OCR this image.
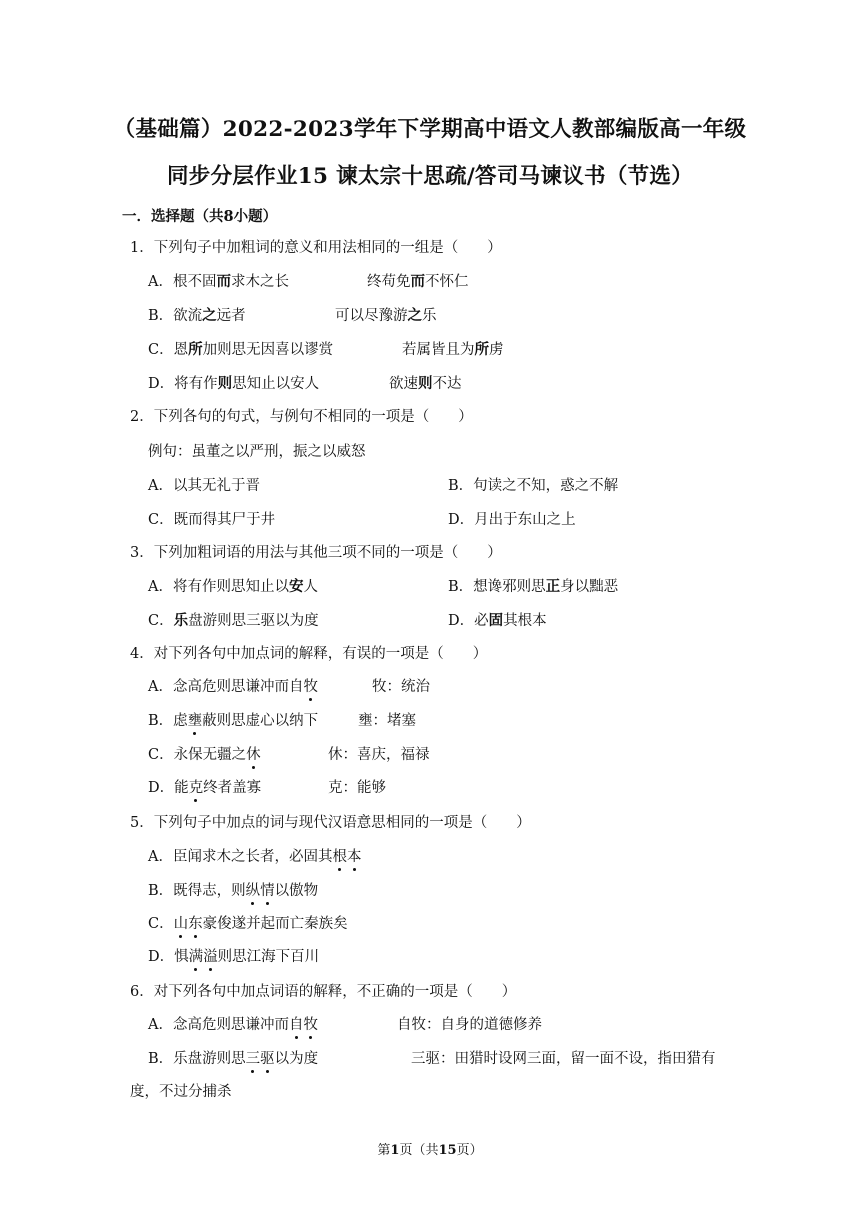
（基础篇）2022-2023学年下学期高中语文人教部编版高一年级
同步分层作业15 谏太宗十思疏/答司马谏议书（节选）
一．选择题（共8小题）
1．下列句子中加粗词的意义和用法相同的一组是（　　）
A．根不固而求木之长	终苟免而不怀仁
B．欲流之远者	可以尽豫游之乐
C．恩所加则思无因喜以谬赏	若属皆且为所虏
D．将有作则思知止以安人	欲速则不达
2．下列各句的句式，与例句不相同的一项是（　　）
例句：虽董之以严刑，振之以威怒
A．以其无礼于晋	B．句读之不知，惑之不解
C．既而得其尸于井	D．月出于东山之上
3．下列加粗词语的用法与其他三项不同的一项是（　　）
A．将有作则思知止以安人	B．想谗邪则思正身以黜恶
C．乐盘游则思三驱以为度	D．必固其根本
4．对下列各句中加点词的解释，有误的一项是（　　）
A．念高危则思谦冲而自牧	牧：统治
B．虑壅蔽则思虚心以纳下	壅：堵塞
C．永保无疆之休	休：喜庆，福禄
D．能克终者盖寡	克：能够
5．下列句子中加点的词与现代汉语意思相同的一项是（　　）
A．臣闻求木之长者，必固其根本
B．既得志，则纵情以傲物
C．山东豪俊遂并起而亡秦族矣
D．惧满溢则思江海下百川
6．对下列各句中加点词语的解释，不正确的一项是（　　）
A．念高危则思谦冲而自牧	自牧：自身的道德修养
B．乐盘游则思三驱以为度	三驱：田猎时设网三面，留一面不设，指田猎有
度，不过分捕杀
第1页（共15页）
